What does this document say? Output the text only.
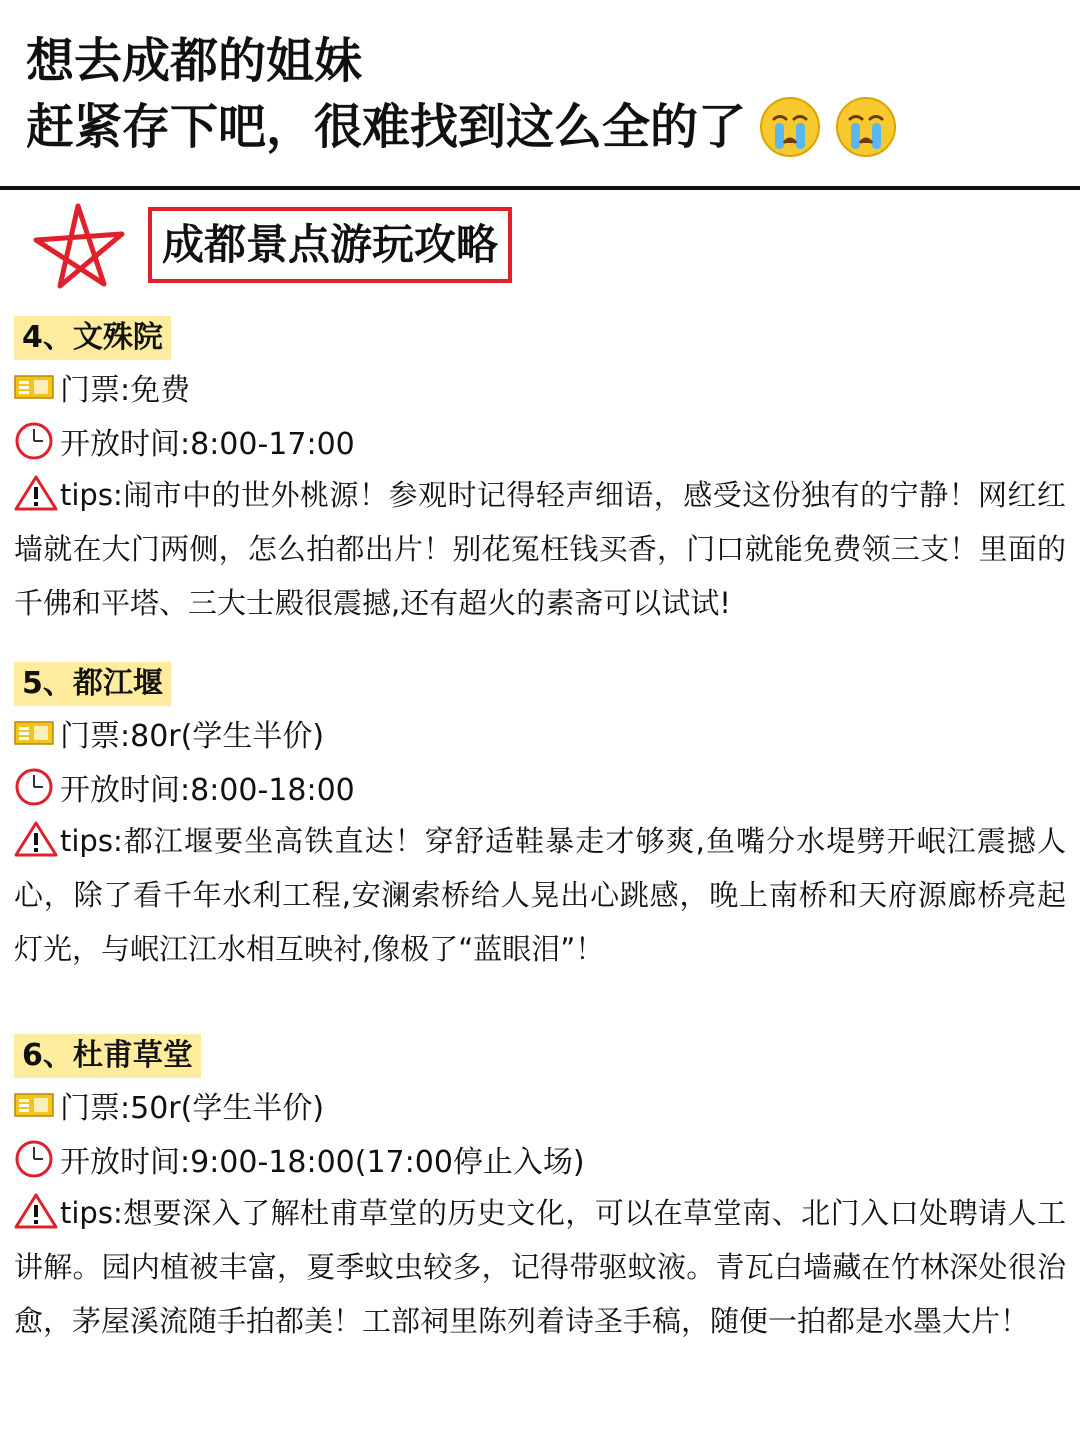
想去成都的姐妹
赶紧存下吧，很难找到这么全的了
成都景点游玩攻略
4、文殊院
门票:免费
开放时间:8:00-17:00

tips:闹市中的世外桃源！参观时记得轻声细语，感受这份独有的宁静！网红红墙就在大门两侧，怎么拍都出片！别花冤枉钱买香，门口就能免费领三支！里面的千佛和平塔、三大士殿很震撼,还有超火的素斋可以试试!

5、都江堰
门票:80r(学生半价)
开放时间:8:00-18:00

tips:都江堰要坐高铁直达！穿舒适鞋暴走才够爽,鱼嘴分水堤劈开岷江震撼人心，除了看千年水利工程,安澜索桥给人晃出心跳感，晚上南桥和天府源廊桥亮起灯光，与岷江江水相互映衬,像极了“蓝眼泪”！

6、杜甫草堂
门票:50r(学生半价)
开放时间:9:00-18:00(17:00停止入场)

tips:想要深入了解杜甫草堂的历史文化，可以在草堂南、北门入口处聘请人工讲解。园内植被丰富，夏季蚊虫较多，记得带驱蚊液。青瓦白墙藏在竹林深处很治愈，茅屋溪流随手拍都美！工部祠里陈列着诗圣手稿，随便一拍都是水墨大片！
